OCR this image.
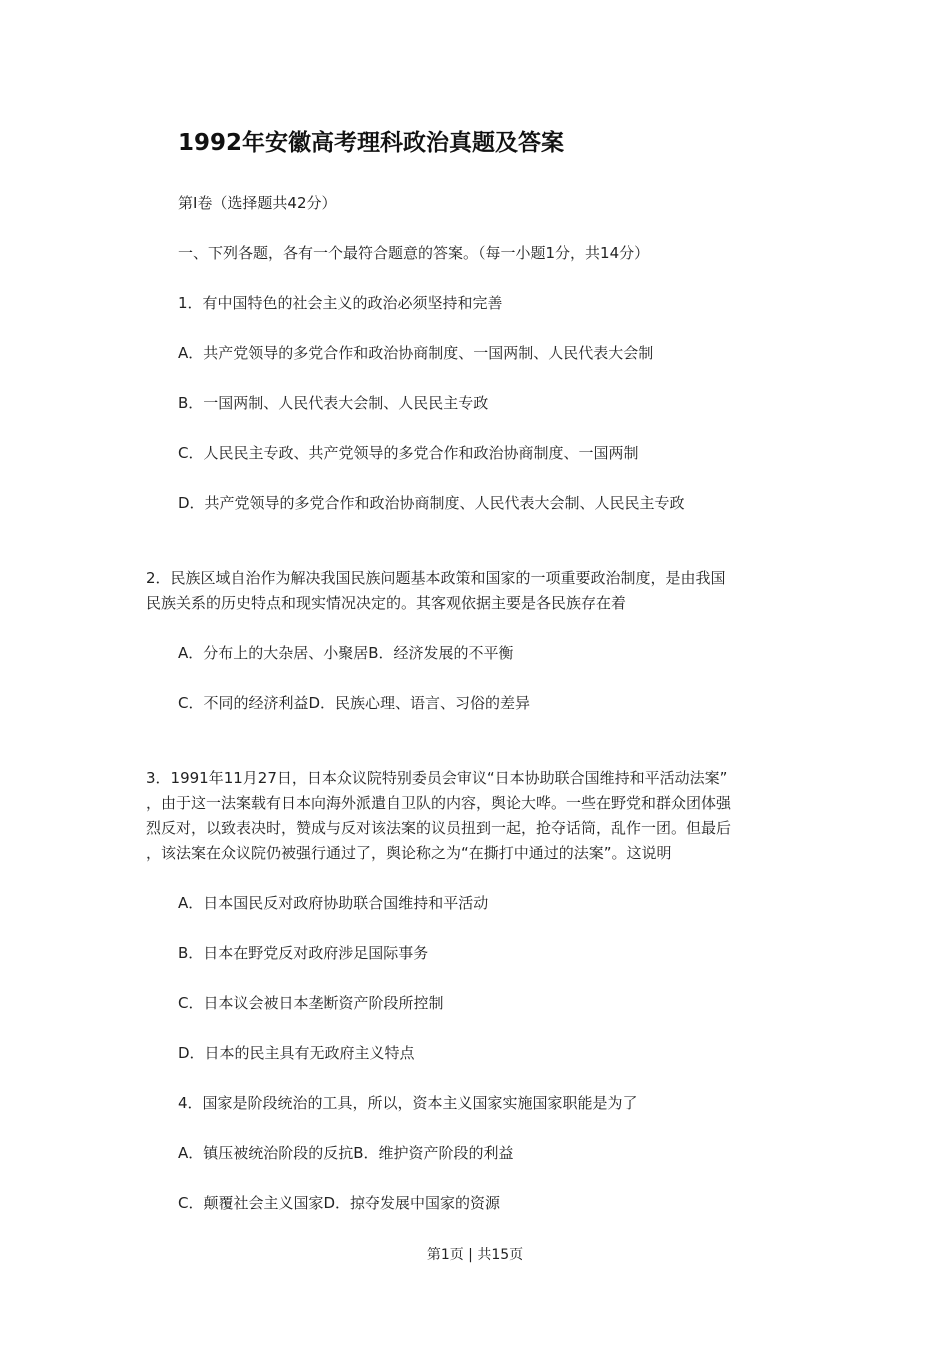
1992年安徽高考理科政治真题及答案
第I卷（选择题共42分）
一、下列各题，各有一个最符合题意的答案。（每一小题1分，共14分）
1．有中国特色的社会主义的政治必须坚持和完善
A．共产党领导的多党合作和政治协商制度、一国两制、人民代表大会制
B．一国两制、人民代表大会制、人民民主专政
C．人民民主专政、共产党领导的多党合作和政治协商制度、一国两制
D．共产党领导的多党合作和政治协商制度、人民代表大会制、人民民主专政
2．民族区域自治作为解决我国民族问题基本政策和国家的一项重要政治制度，是由我国
民族关系的历史特点和现实情况决定的。其客观依据主要是各民族存在着
A．分布上的大杂居、小聚居B．经济发展的不平衡
C．不同的经济利益D．民族心理、语言、习俗的差异
3．1991年11月27日，日本众议院特别委员会审议“日本协助联合国维持和平活动法案”
，由于这一法案载有日本向海外派遣自卫队的内容，舆论大哗。一些在野党和群众团体强
烈反对，以致表决时，赞成与反对该法案的议员扭到一起，抢夺话筒，乱作一团。但最后
，该法案在众议院仍被强行通过了，舆论称之为“在撕打中通过的法案”。这说明
A．日本国民反对政府协助联合国维持和平活动
B．日本在野党反对政府涉足国际事务
C．日本议会被日本垄断资产阶段所控制
D．日本的民主具有无政府主义特点
4．国家是阶段统治的工具，所以，资本主义国家实施国家职能是为了
A．镇压被统治阶段的反抗B．维护资产阶段的利益
C．颠覆社会主义国家D．掠夺发展中国家的资源
第1页 | 共15页
